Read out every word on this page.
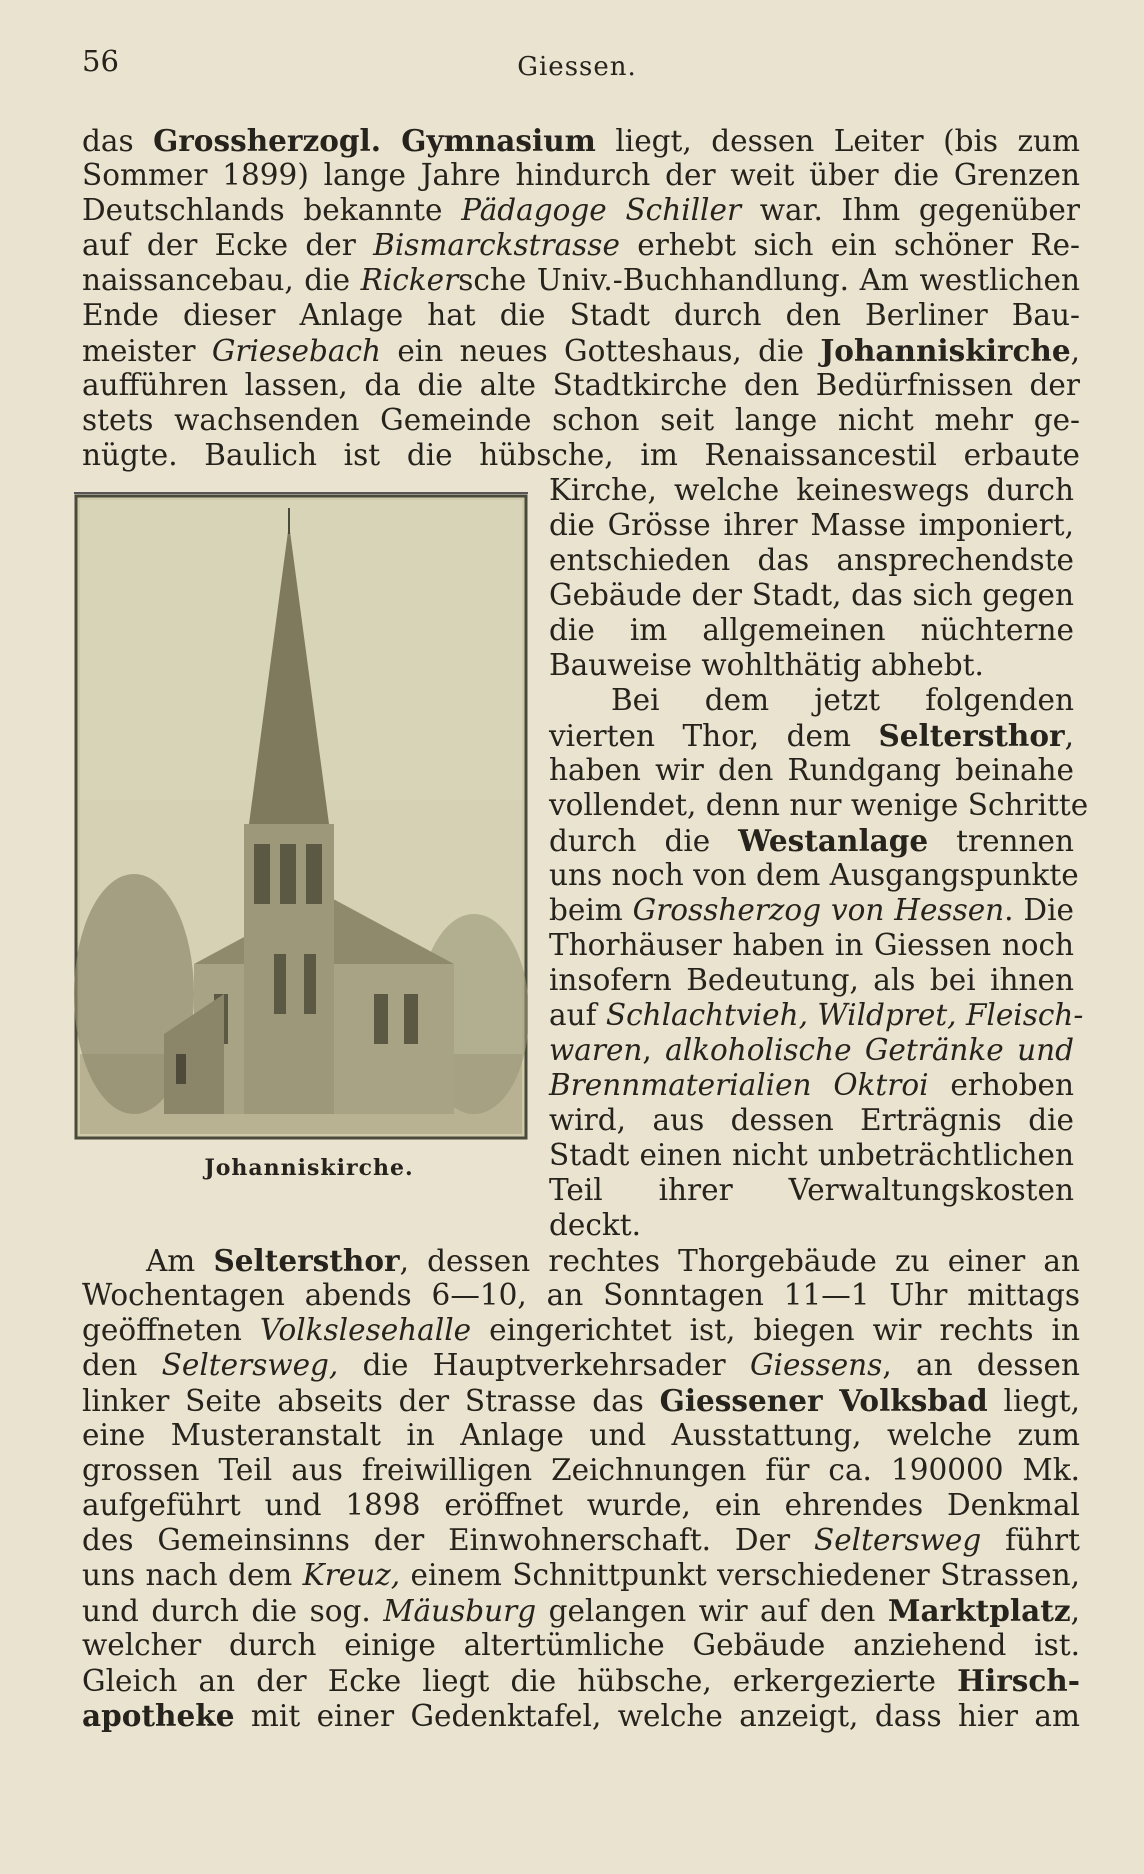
56	Giessen.
das Grossherzogl. Gymnasium liegt, dessen Leiter (bis zum
Sommer 1899) lange Jahre hindurch der weit über die Grenzen
Deutschlands bekannte Pädagoge Schiller war. Ihm gegenüber
auf der Ecke der Bismarckstrasse erhebt sich ein schöner Re-
naissancebau, die Rickersche Univ.-Buchhandlung. Am westlichen
Ende dieser Anlage hat die Stadt durch den Berliner Bau-
meister Griesebach ein neues Gotteshaus, die Johanniskirche,
aufführen lassen, da die alte Stadtkirche den Bedürfnissen der
stets wachsenden Gemeinde schon seit lange nicht mehr ge-
nügte. Baulich ist die hübsche, im Renaissancestil erbaute
Johanniskirche.
Kirche, welche keineswegs durch
die Grösse ihrer Masse imponiert,
entschieden das ansprechendste
Gebäude der Stadt, das sich gegen
die im allgemeinen nüchterne
Bauweise wohlthätig abhebt.
Bei dem jetzt folgenden
vierten Thor, dem Seltersthor,
haben wir den Rundgang beinahe
vollendet, denn nur wenige Schritte
durch die Westanlage trennen
uns noch von dem Ausgangspunkte
beim Grossherzog von Hessen. Die
Thorhäuser haben in Giessen noch
insofern Bedeutung, als bei ihnen
auf Schlachtvieh, Wildpret, Fleisch-
waren, alkoholische Getränke und
Brennmaterialien Oktroi erhoben
wird, aus dessen Erträgnis die
Stadt einen nicht unbeträchtlichen
Teil ihrer Verwaltungskosten
deckt.
Am Seltersthor, dessen rechtes Thorgebäude zu einer an
Wochentagen abends 6—10, an Sonntagen 11—1 Uhr mittags
geöffneten Volkslesehalle eingerichtet ist, biegen wir rechts in
den Seltersweg, die Hauptverkehrsader Giessens, an dessen
linker Seite abseits der Strasse das Giessener Volksbad liegt,
eine Musteranstalt in Anlage und Ausstattung, welche zum
grossen Teil aus freiwilligen Zeichnungen für ca. 190000 Mk.
aufgeführt und 1898 eröffnet wurde, ein ehrendes Denkmal
des Gemeinsinns der Einwohnerschaft. Der Seltersweg führt
uns nach dem Kreuz, einem Schnittpunkt verschiedener Strassen,
und durch die sog. Mäusburg gelangen wir auf den Marktplatz,
welcher durch einige altertümliche Gebäude anziehend ist.
Gleich an der Ecke liegt die hübsche, erkergezierte Hirsch-
apotheke mit einer Gedenktafel, welche anzeigt, dass hier am
